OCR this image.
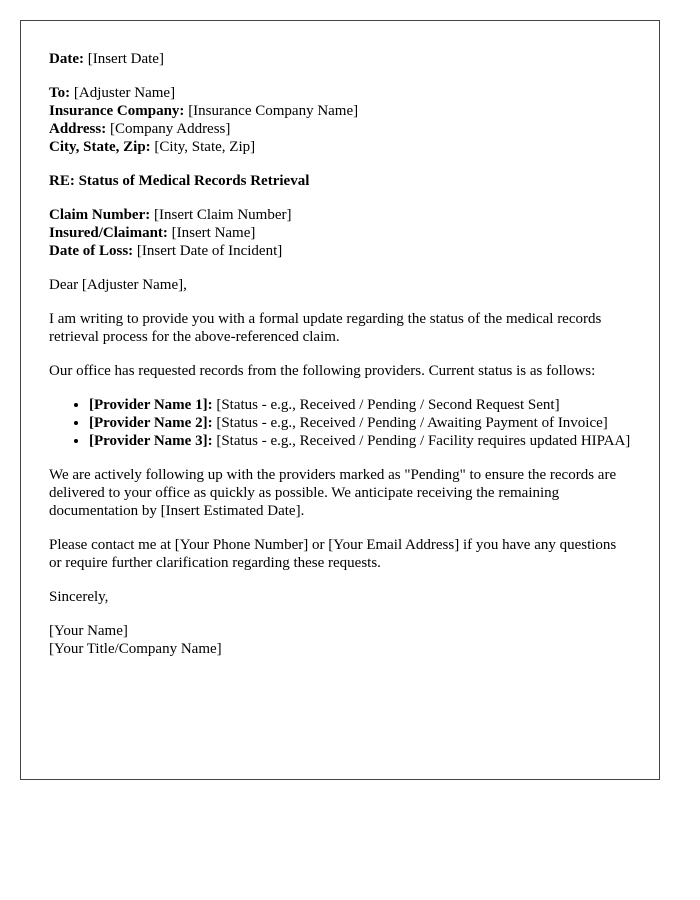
Date: [Insert Date]
To: [Adjuster Name]
Insurance Company: [Insurance Company Name]
Address: [Company Address]
City, State, Zip: [City, State, Zip]

RE: Status of Medical Records Retrieval

Claim Number: [Insert Claim Number]
Insured/Claimant: [Insert Name]
Date of Loss: [Insert Date of Incident]

Dear [Adjuster Name],

I am writing to provide you with a formal update regarding the status of the medical records retrieval process for the above-referenced claim.

Our office has requested records from the following providers. Current status is as follows:

• [Provider Name 1]: [Status - e.g., Received / Pending / Second Request Sent]
• [Provider Name 2]: [Status - e.g., Received / Pending / Awaiting Payment of Invoice]
• [Provider Name 3]: [Status - e.g., Received / Pending / Facility requires updated HIPAA]

We are actively following up with the providers marked as "Pending" to ensure the records are delivered to your office as quickly as possible. We anticipate receiving the remaining documentation by [Insert Estimated Date].

Please contact me at [Your Phone Number] or [Your Email Address] if you have any questions or require further clarification regarding these requests.

Sincerely,

[Your Name]
[Your Title/Company Name]
